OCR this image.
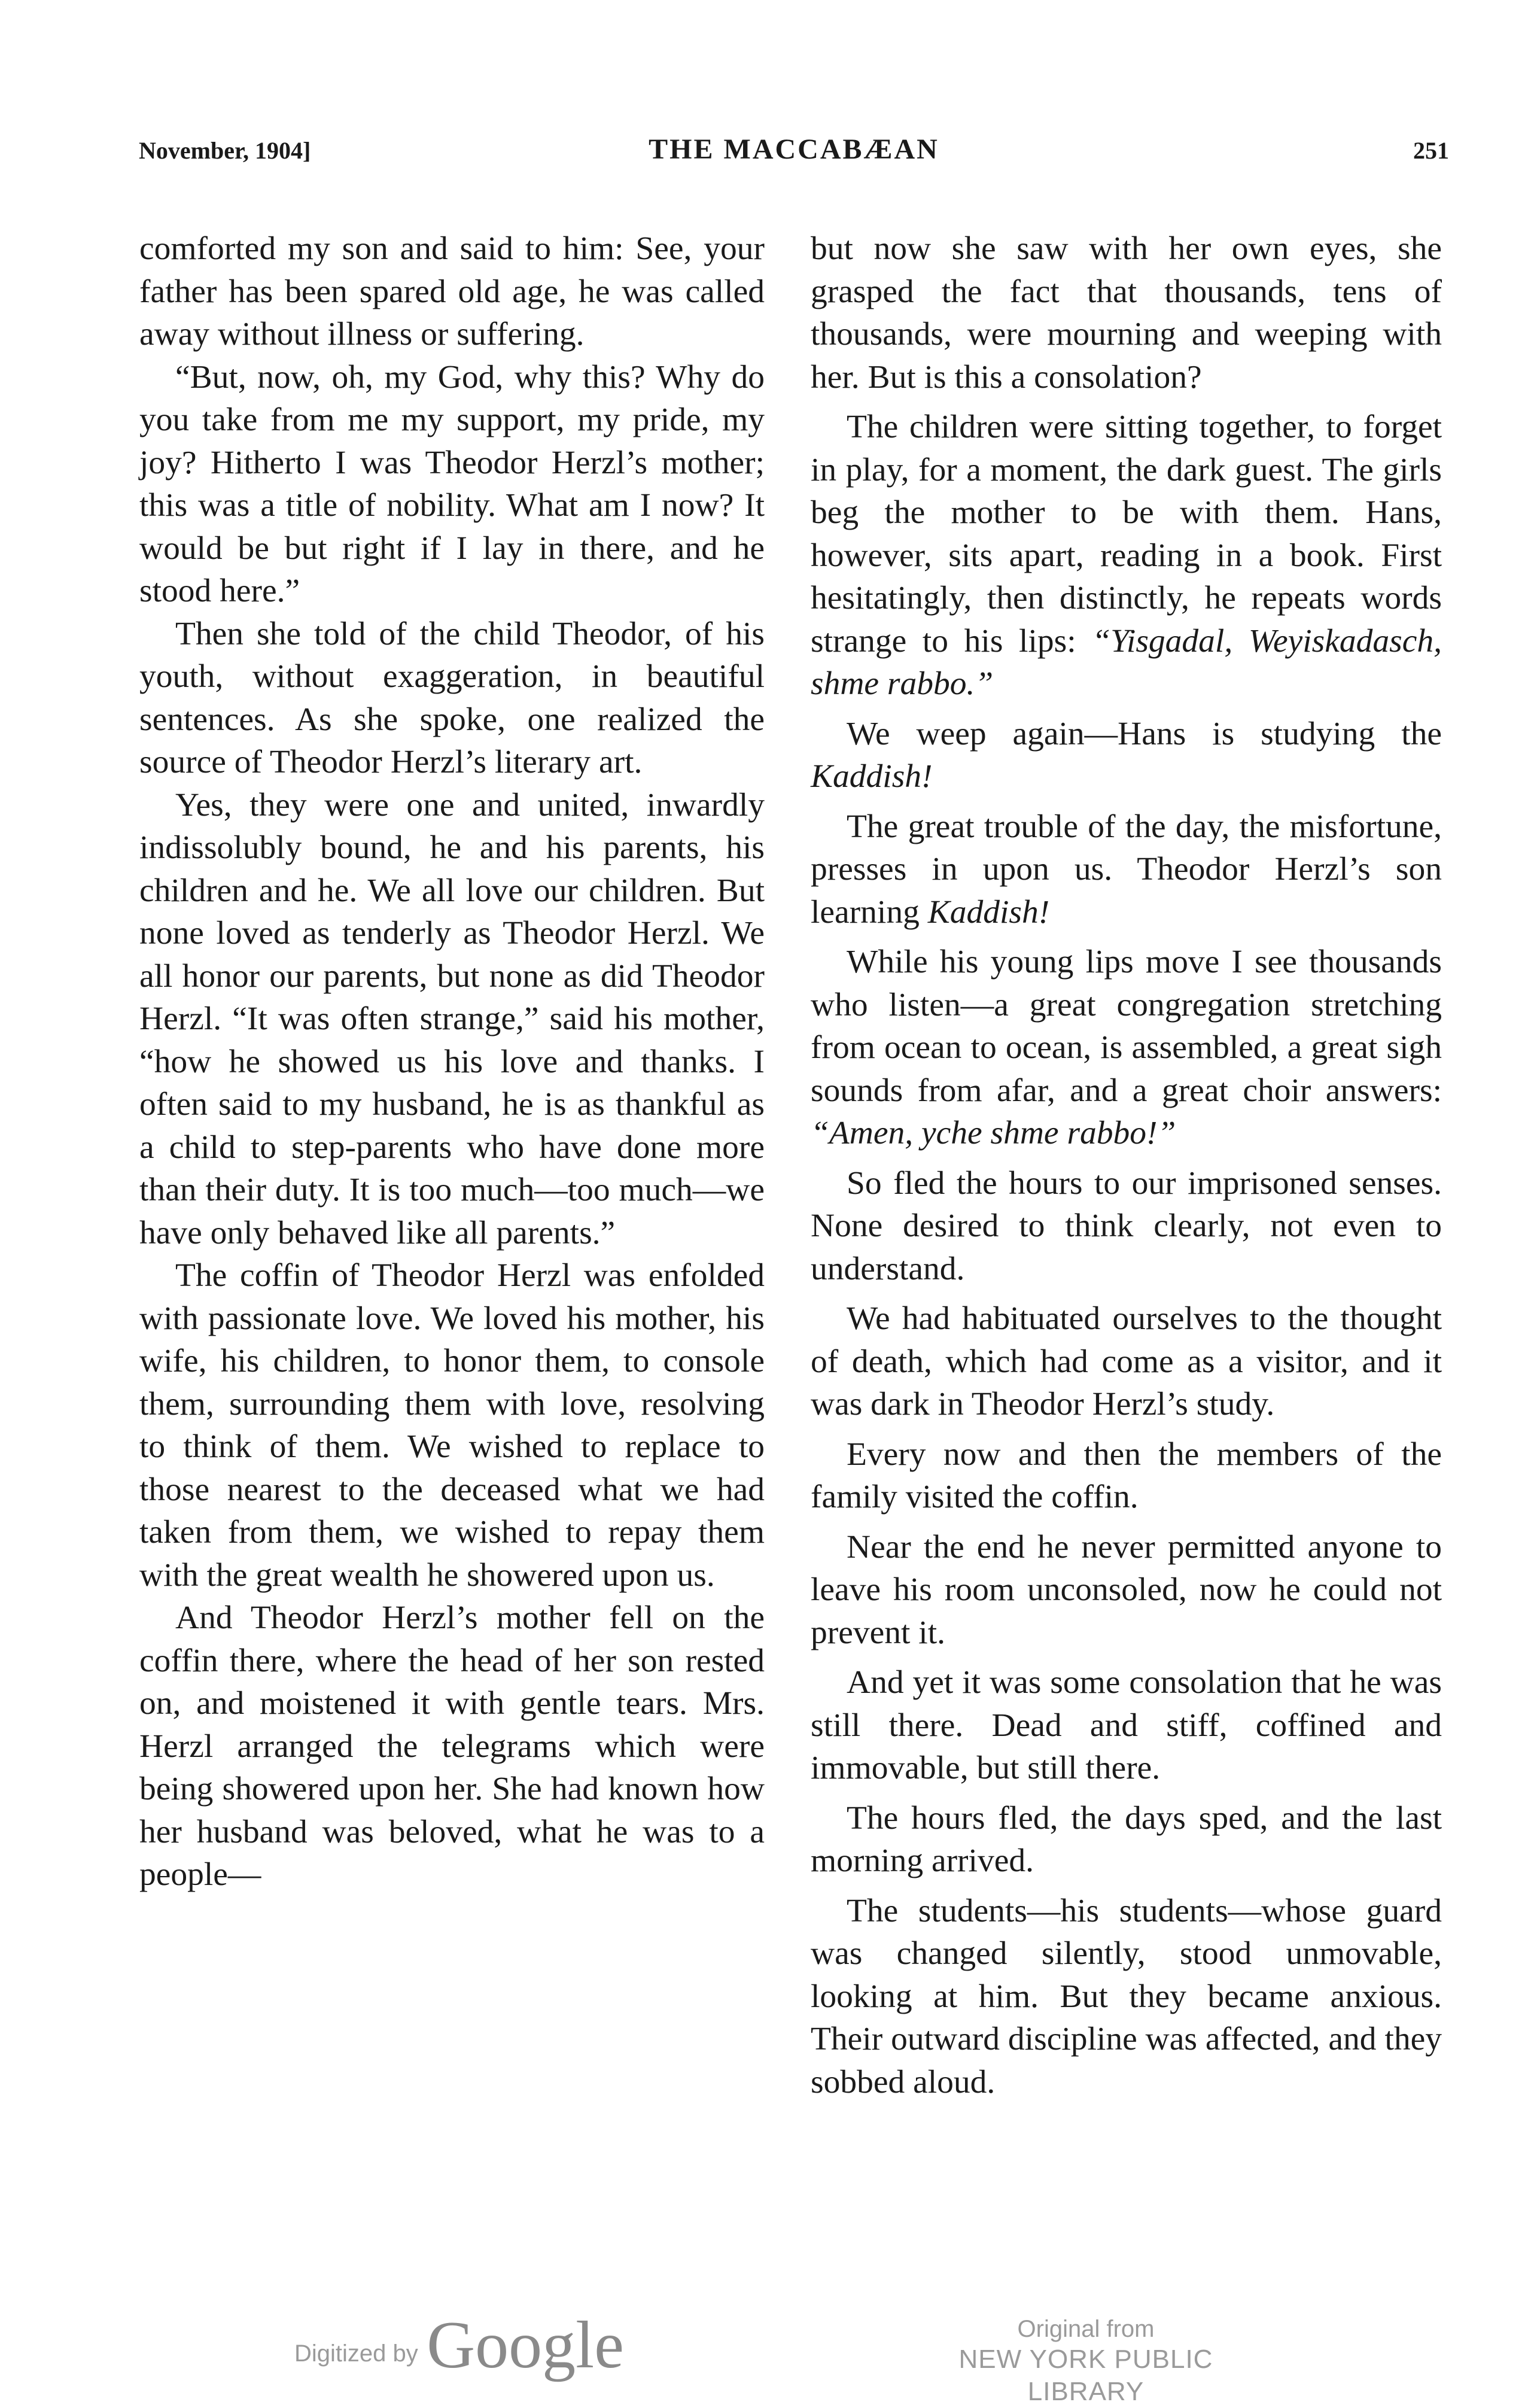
November, 1904]	THE MACCABÆAN	251

comforted my son and said to him: See, your father has been spared old age, he was called away without illness or suffering.

“But, now, oh, my God, why this? Why do you take from me my support, my pride, my joy? Hitherto I was Theodor Herzl’s mother; this was a title of nobility. What am I now? It would be but right if I lay in there, and he stood here.”

Then she told of the child Theodor, of his youth, without exaggeration, in beautiful sentences. As she spoke, one realized the source of Theodor Herzl’s literary art.

Yes, they were one and united, inwardly indissolubly bound, he and his parents, his children and he. We all love our children. But none loved as tenderly as Theodor Herzl. We all honor our parents, but none as did Theodor Herzl. “It was often strange,” said his mother, “how he showed us his love and thanks. I often said to my husband, he is as thankful as a child to step-parents who have done more than their duty. It is too much—too much—we have only behaved like all parents.”

The coffin of Theodor Herzl was enfolded with passionate love. We loved his mother, his wife, his children, to honor them, to console them, surrounding them with love, resolving to think of them. We wished to replace to those nearest to the deceased what we had taken from them, we wished to repay them with the great wealth he showered upon us.

And Theodor Herzl’s mother fell on the coffin there, where the head of her son rested on, and moistened it with gentle tears. Mrs. Herzl arranged the telegrams which were being showered upon her. She had known how her husband was beloved, what he was to a people—

but now she saw with her own eyes, she grasped the fact that thousands, tens of thousands, were mourning and weeping with her. But is this a consolation?

The children were sitting together, to forget in play, for a moment, the dark guest. The girls beg the mother to be with them. Hans, however, sits apart, reading in a book. First hesitatingly, then distinctly, he repeats words strange to his lips: “Yisgadal, Weyiskadasch, shme rabbo.”

We weep again—Hans is studying the Kaddish!

The great trouble of the day, the misfortune, presses in upon us. Theodor Herzl’s son learning Kaddish!

While his young lips move I see thousands who listen—a great congregation stretching from ocean to ocean, is assembled, a great sigh sounds from afar, and a great choir answers: “Amen, yche shme rabbo!”

So fled the hours to our imprisoned senses. None desired to think clearly, not even to understand.

We had habituated ourselves to the thought of death, which had come as a visitor, and it was dark in Theodor Herzl’s study.

Every now and then the members of the family visited the coffin.

Near the end he never permitted anyone to leave his room unconsoled, now he could not prevent it.

And yet it was some consolation that he was still there. Dead and stiff, coffined and immovable, but still there.

The hours fled, the days sped, and the last morning arrived.

The students—his students—whose guard was changed silently, stood unmovable, looking at him. But they became anxious. Their outward discipline was affected, and they sobbed aloud.

Digitized by Google	Original from
NEW YORK PUBLIC LIBRARY
